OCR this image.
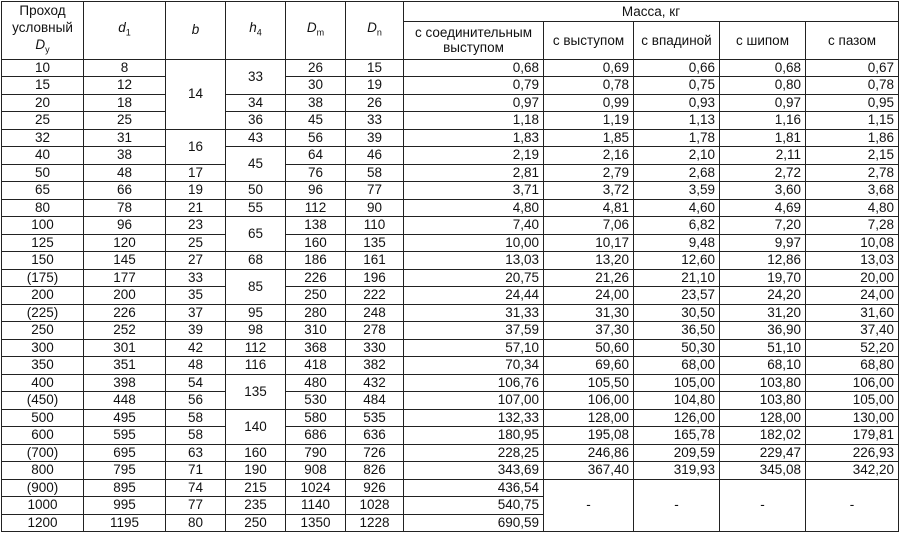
Проход
условный $D_у$	$d_1$	b	$h_4$	$D_m$	$D_n$	Масса, кг				
						с соединительным выступом	с выступом	с впадиной	с шипом	с пазом
10	8	14	33	26	15	0,68	0,69	0,66	0,68	0,67
15	12			30	19	0,79	0,78	0,75	0,80	0,78
20	18		34	38	26	0,97	0,99	0,93	0,97	0,95
25	25		36	45	33	1,18	1,19	1,13	1,16	1,15
32	31	16	43	56	39	1,83	1,85	1,78	1,81	1,86
40	38		45	64	46	2,19	2,16	2,10	2,11	2,15
50	48	17		76	58	2,81	2,79	2,68	2,72	2,78
65	66	19	50	96	77	3,71	3,72	3,59	3,60	3,68
80	78	21	55	112	90	4,80	4,81	4,60	4,69	4,80
100	96	23	65	138	110	7,40	7,06	6,82	7,20	7,28
125	120	25		160	135	10,00	10,17	9,48	9,97	10,08
150	145	27	68	186	161	13,03	13,20	12,60	12,86	13,03
(175)	177	33	85	226	196	20,75	21,26	21,10	19,70	20,00
200	200	35		250	222	24,44	24,00	23,57	24,20	24,00
(225)	226	37	95	280	248	31,33	31,30	30,50	31,20	31,60
250	252	39	98	310	278	37,59	37,30	36,50	36,90	37,40
300	301	42	112	368	330	57,10	50,60	50,30	51,10	52,20
350	351	48	116	418	382	70,34	69,60	68,00	68,10	68,80
400	398	54	135	480	432	106,76	105,50	105,00	103,80	106,00
(450)	448	56		530	484	107,00	106,00	104,80	103,80	105,00
500	495	58	140	580	535	132,33	128,00	126,00	128,00	130,00
600	595	58		686	636	180,95	195,08	165,78	182,02	179,81
(700)	695	63	160	790	726	228,25	246,86	209,59	229,47	226,93
800	795	71	190	908	826	343,69	367,40	319,93	345,08	342,20
(900)	895	74	215	1024	926	436,54	-	-	-	-
1000	995	77	235	1140	1028	540,75				
1200	1195	80	250	1350	1228	690,59				
